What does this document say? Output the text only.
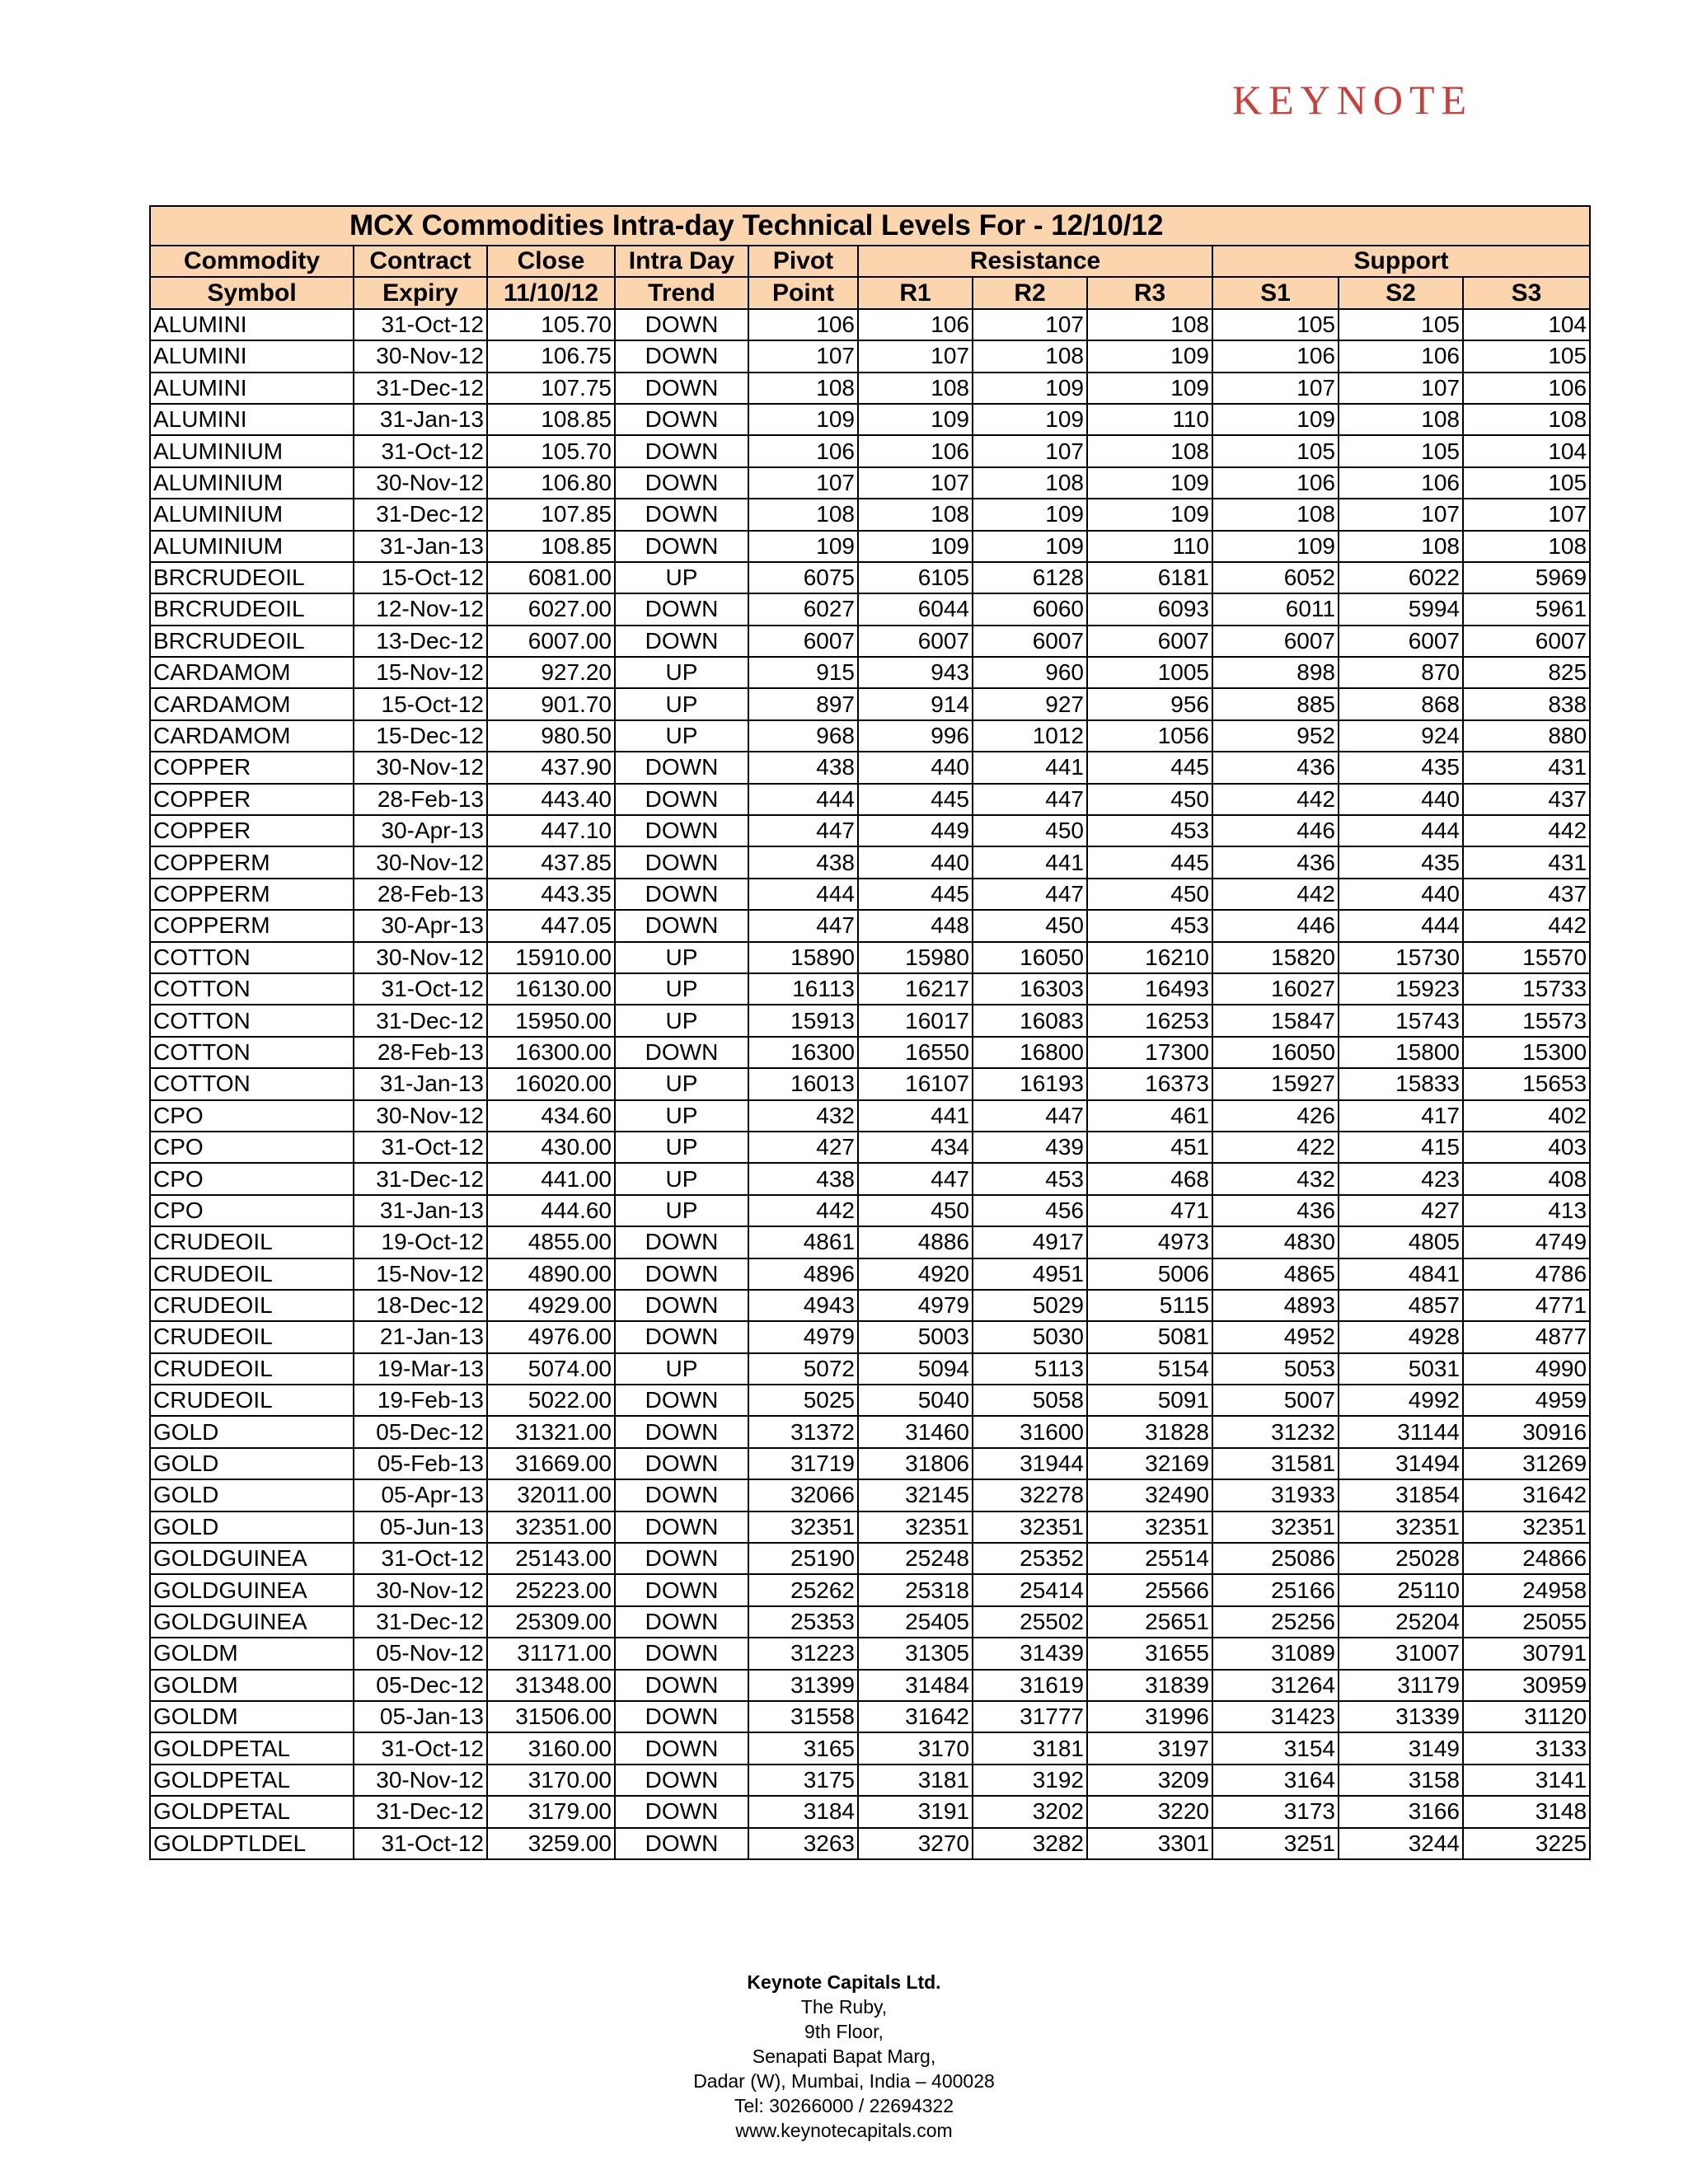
KEYNOTE
MCX Commodities Intra-day Technical Levels For - 12/10/12										
Commodity	Contract	Close	Intra Day	Pivot	Resistance			Support		
Symbol	Expiry	11/10/12	Trend	Point	R1	R2	R3	S1	S2	S3
ALUMINI	31-Oct-12	105.70	DOWN	106	106	107	108	105	105	104
ALUMINI	30-Nov-12	106.75	DOWN	107	107	108	109	106	106	105
ALUMINI	31-Dec-12	107.75	DOWN	108	108	109	109	107	107	106
ALUMINI	31-Jan-13	108.85	DOWN	109	109	109	110	109	108	108
ALUMINIUM	31-Oct-12	105.70	DOWN	106	106	107	108	105	105	104
ALUMINIUM	30-Nov-12	106.80	DOWN	107	107	108	109	106	106	105
ALUMINIUM	31-Dec-12	107.85	DOWN	108	108	109	109	108	107	107
ALUMINIUM	31-Jan-13	108.85	DOWN	109	109	109	110	109	108	108
BRCRUDEOIL	15-Oct-12	6081.00	UP	6075	6105	6128	6181	6052	6022	5969
BRCRUDEOIL	12-Nov-12	6027.00	DOWN	6027	6044	6060	6093	6011	5994	5961
BRCRUDEOIL	13-Dec-12	6007.00	DOWN	6007	6007	6007	6007	6007	6007	6007
CARDAMOM	15-Nov-12	927.20	UP	915	943	960	1005	898	870	825
CARDAMOM	15-Oct-12	901.70	UP	897	914	927	956	885	868	838
CARDAMOM	15-Dec-12	980.50	UP	968	996	1012	1056	952	924	880
COPPER	30-Nov-12	437.90	DOWN	438	440	441	445	436	435	431
COPPER	28-Feb-13	443.40	DOWN	444	445	447	450	442	440	437
COPPER	30-Apr-13	447.10	DOWN	447	449	450	453	446	444	442
COPPERM	30-Nov-12	437.85	DOWN	438	440	441	445	436	435	431
COPPERM	28-Feb-13	443.35	DOWN	444	445	447	450	442	440	437
COPPERM	30-Apr-13	447.05	DOWN	447	448	450	453	446	444	442
COTTON	30-Nov-12	15910.00	UP	15890	15980	16050	16210	15820	15730	15570
COTTON	31-Oct-12	16130.00	UP	16113	16217	16303	16493	16027	15923	15733
COTTON	31-Dec-12	15950.00	UP	15913	16017	16083	16253	15847	15743	15573
COTTON	28-Feb-13	16300.00	DOWN	16300	16550	16800	17300	16050	15800	15300
COTTON	31-Jan-13	16020.00	UP	16013	16107	16193	16373	15927	15833	15653
CPO	30-Nov-12	434.60	UP	432	441	447	461	426	417	402
CPO	31-Oct-12	430.00	UP	427	434	439	451	422	415	403
CPO	31-Dec-12	441.00	UP	438	447	453	468	432	423	408
CPO	31-Jan-13	444.60	UP	442	450	456	471	436	427	413
CRUDEOIL	19-Oct-12	4855.00	DOWN	4861	4886	4917	4973	4830	4805	4749
CRUDEOIL	15-Nov-12	4890.00	DOWN	4896	4920	4951	5006	4865	4841	4786
CRUDEOIL	18-Dec-12	4929.00	DOWN	4943	4979	5029	5115	4893	4857	4771
CRUDEOIL	21-Jan-13	4976.00	DOWN	4979	5003	5030	5081	4952	4928	4877
CRUDEOIL	19-Mar-13	5074.00	UP	5072	5094	5113	5154	5053	5031	4990
CRUDEOIL	19-Feb-13	5022.00	DOWN	5025	5040	5058	5091	5007	4992	4959
GOLD	05-Dec-12	31321.00	DOWN	31372	31460	31600	31828	31232	31144	30916
GOLD	05-Feb-13	31669.00	DOWN	31719	31806	31944	32169	31581	31494	31269
GOLD	05-Apr-13	32011.00	DOWN	32066	32145	32278	32490	31933	31854	31642
GOLD	05-Jun-13	32351.00	DOWN	32351	32351	32351	32351	32351	32351	32351
GOLDGUINEA	31-Oct-12	25143.00	DOWN	25190	25248	25352	25514	25086	25028	24866
GOLDGUINEA	30-Nov-12	25223.00	DOWN	25262	25318	25414	25566	25166	25110	24958
GOLDGUINEA	31-Dec-12	25309.00	DOWN	25353	25405	25502	25651	25256	25204	25055
GOLDM	05-Nov-12	31171.00	DOWN	31223	31305	31439	31655	31089	31007	30791
GOLDM	05-Dec-12	31348.00	DOWN	31399	31484	31619	31839	31264	31179	30959
GOLDM	05-Jan-13	31506.00	DOWN	31558	31642	31777	31996	31423	31339	31120
GOLDPETAL	31-Oct-12	3160.00	DOWN	3165	3170	3181	3197	3154	3149	3133
GOLDPETAL	30-Nov-12	3170.00	DOWN	3175	3181	3192	3209	3164	3158	3141
GOLDPETAL	31-Dec-12	3179.00	DOWN	3184	3191	3202	3220	3173	3166	3148
GOLDPTLDEL	31-Oct-12	3259.00	DOWN	3263	3270	3282	3301	3251	3244	3225
Keynote Capitals Ltd.
The Ruby,
9th Floor,
Senapati Bapat Marg,
Dadar (W), Mumbai, India – 400028
Tel: 30266000 / 22694322
www.keynotecapitals.com
